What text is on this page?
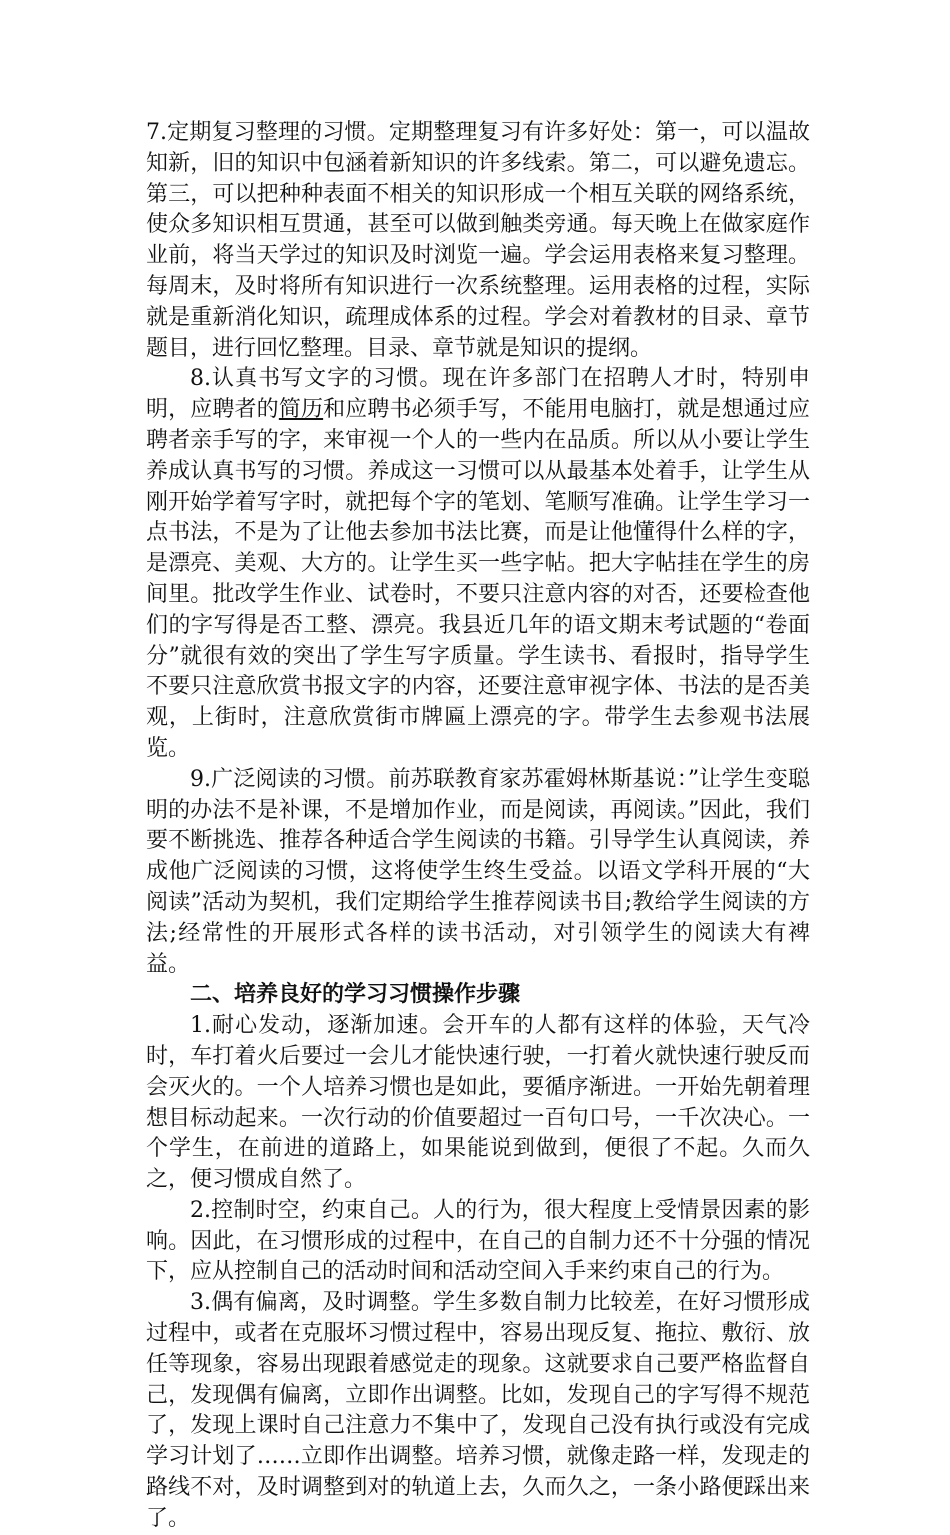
7.定期复习整理的习惯。定期整理复习有许多好处：第一，可以温故知新，旧的知识中包涵着新知识的许多线索。第二，可以避免遗忘。第三，可以把种种表面不相关的知识形成一个相互关联的网络系统，使众多知识相互贯通，甚至可以做到触类旁通。每天晚上在做家庭作业前，将当天学过的知识及时浏览一遍。学会运用表格来复习整理。每周末，及时将所有知识进行一次系统整理。运用表格的过程，实际就是重新消化知识，疏理成体系的过程。学会对着教材的目录、章节题目，进行回忆整理。目录、章节就是知识的提纲。

8.认真书写文字的习惯。现在许多部门在招聘人才时，特别申明，应聘者的简历和应聘书必须手写，不能用电脑打，就是想通过应聘者亲手写的字，来审视一个人的一些内在品质。所以从小要让学生养成认真书写的习惯。养成这一习惯可以从最基本处着手，让学生从刚开始学着写字时，就把每个字的笔划、笔顺写准确。让学生学习一点书法，不是为了让他去参加书法比赛，而是让他懂得什么样的字，是漂亮、美观、大方的。让学生买一些字帖。把大字帖挂在学生的房间里。批改学生作业、试卷时，不要只注意内容的对否，还要检查他们的字写得是否工整、漂亮。我县近几年的语文期末考试题的“卷面分”就很有效的突出了学生写字质量。学生读书、看报时，指导学生不要只注意欣赏书报文字的内容，还要注意审视字体、书法的是否美观，上街时，注意欣赏街市牌匾上漂亮的字。带学生去参观书法展览。

9.广泛阅读的习惯。前苏联教育家苏霍姆林斯基说：”让学生变聪明的办法不是补课，不是增加作业，而是阅读，再阅读。”因此，我们要不断挑选、推荐各种适合学生阅读的书籍。引导学生认真阅读，养成他广泛阅读的习惯，这将使学生终生受益。以语文学科开展的“大阅读”活动为契机，我们定期给学生推荐阅读书目;教给学生阅读的方法;经常性的开展形式各样的读书活动，对引领学生的阅读大有裨益。

二、培养良好的学习习惯操作步骤

1.耐心发动，逐渐加速。会开车的人都有这样的体验，天气冷时，车打着火后要过一会儿才能快速行驶，一打着火就快速行驶反而会灭火的。一个人培养习惯也是如此，要循序渐进。一开始先朝着理想目标动起来。一次行动的价值要超过一百句口号，一千次决心。一个学生，在前进的道路上，如果能说到做到，便很了不起。久而久之，便习惯成自然了。

2.控制时空，约束自己。人的行为，很大程度上受情景因素的影响。因此，在习惯形成的过程中，在自己的自制力还不十分强的情况下，应从控制自己的活动时间和活动空间入手来约束自己的行为。

3.偶有偏离，及时调整。学生多数自制力比较差，在好习惯形成过程中，或者在克服坏习惯过程中，容易出现反复、拖拉、敷衍、放任等现象，容易出现跟着感觉走的现象。这就要求自己要严格监督自己，发现偶有偏离，立即作出调整。比如，发现自己的字写得不规范了，发现上课时自己注意力不集中了，发现自己没有执行或没有完成学习计划了……立即作出调整。培养习惯，就像走路一样，发现走的路线不对，及时调整到对的轨道上去，久而久之，一条小路便踩出来了。
